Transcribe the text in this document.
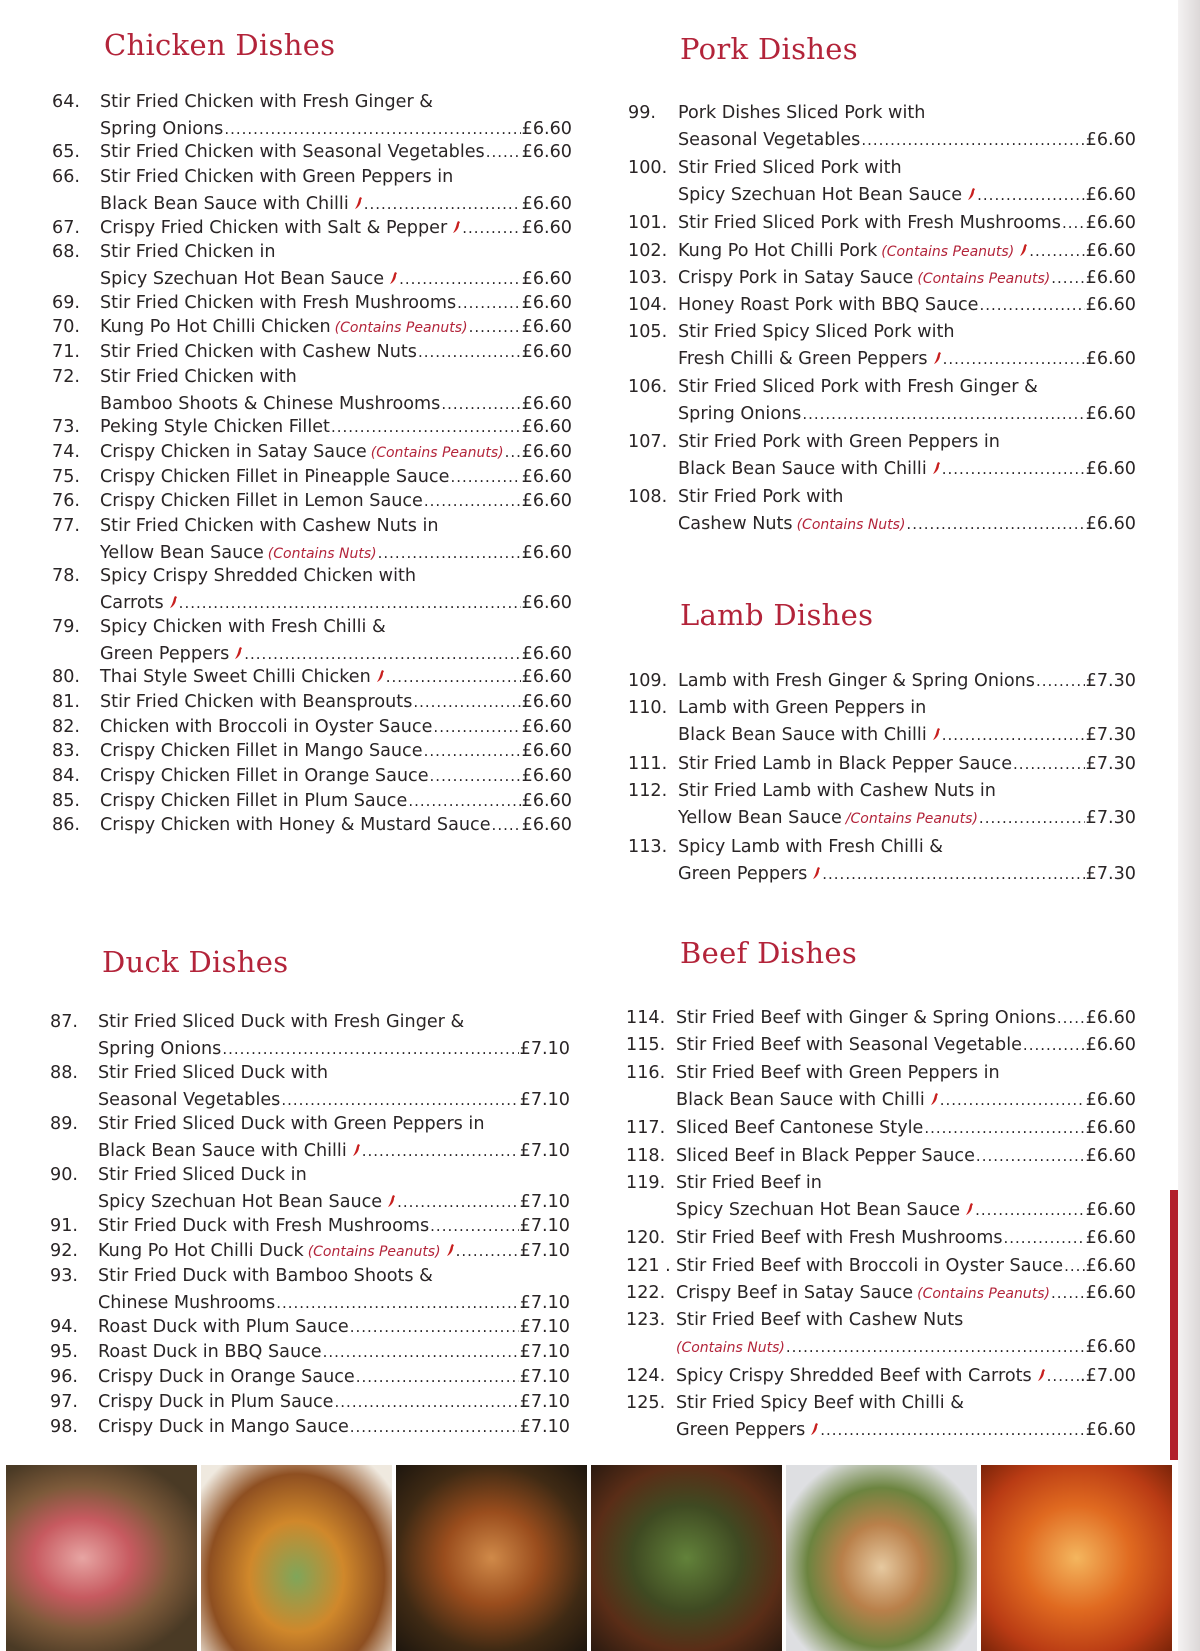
Chicken Dishes
64. Stir Fried Chicken with Fresh Ginger &
Spring Onions .....	£6.60
65. Stir Fried Chicken with Seasonal Vegetables ..... £6.60
66. Stir Fried Chicken with Green Peppers in
Black Bean Sauce with Chilli .....	£6.60
67. Crispy Fried Chicken with Salt & Pepper .....	£6.60
68. Stir Fried Chicken in
Spicy Szechuan Hot Bean Sauce .....	£6.60
69. Stir Fried Chicken with Fresh Mushrooms .....	£6.60
70. Kung Po Hot Chilli Chicken (Contains Peanuts) .....	£6.60
71. Stir Fried Chicken with Cashew Nuts .....	£6.60
72. Stir Fried Chicken with
Bamboo Shoots & Chinese Mushrooms .....	£6.60
73. Peking Style Chicken Fillet .....	£6.60
74. Crispy Chicken in Satay Sauce (Contains Peanuts) ..... £6.60
75. Crispy Chicken Fillet in Pineapple Sauce .....	£6.60
76. Crispy Chicken Fillet in Lemon Sauce .....	£6.60
77. Stir Fried Chicken with Cashew Nuts in
Yellow Bean Sauce (Contains Nuts) .....	£6.60
78. Spicy Crispy Shredded Chicken with
Carrots .....	£6.60
79. Spicy Chicken with Fresh Chilli &
Green Peppers .....	£6.60
80. Thai Style Sweet Chilli Chicken .....	£6.60
81. Stir Fried Chicken with Beansprouts .....	£6.60
82. Chicken with Broccoli in Oyster Sauce .....	£6.60
83. Crispy Chicken Fillet in Mango Sauce .....	£6.60
84. Crispy Chicken Fillet in Orange Sauce .....	£6.60
85. Crispy Chicken Fillet in Plum Sauce .....	£6.60
86. Crispy Chicken with Honey & Mustard Sauce ..... £6.60
Duck Dishes
87. Stir Fried Sliced Duck with Fresh Ginger &
Spring Onions .....	£7.10
88. Stir Fried Sliced Duck with
Seasonal Vegetables .....	£7.10
89. Stir Fried Sliced Duck with Green Peppers in
Black Bean Sauce with Chilli .....	£7.10
90. Stir Fried Sliced Duck in
Spicy Szechuan Hot Bean Sauce .....	£7.10
91. Stir Fried Duck with Fresh Mushrooms .....	£7.10
92. Kung Po Hot Chilli Duck (Contains Peanuts) .....	£7.10
93. Stir Fried Duck with Bamboo Shoots &
Chinese Mushrooms .....	£7.10
94. Roast Duck with Plum Sauce .....	£7.10
95. Roast Duck in BBQ Sauce .....	£7.10
96. Crispy Duck in Orange Sauce .....	£7.10
97. Crispy Duck in Plum Sauce .....	£7.10
98. Crispy Duck in Mango Sauce .....	£7.10
Pork Dishes
99. Pork Dishes Sliced Pork with
Seasonal Vegetables .....	£6.60
100. Stir Fried Sliced Pork with
Spicy Szechuan Hot Bean Sauce .....	£6.60
101. Stir Fried Sliced Pork with Fresh Mushrooms ..... £6.60
102. Kung Po Hot Chilli Pork (Contains Peanuts) .....	£6.60
103. Crispy Pork in Satay Sauce (Contains Peanuts) ..... £6.60
104. Honey Roast Pork with BBQ Sauce .....	£6.60
105. Stir Fried Spicy Sliced Pork with
Fresh Chilli & Green Peppers .....	£6.60
106. Stir Fried Sliced Pork with Fresh Ginger &
Spring Onions .....	£6.60
107. Stir Fried Pork with Green Peppers in
Black Bean Sauce with Chilli .....	£6.60
108. Stir Fried Pork with
Cashew Nuts (Contains Nuts) .....	£6.60
Lamb Dishes
109. Lamb with Fresh Ginger & Spring Onions .....	£7.30
110. Lamb with Green Peppers in
Black Bean Sauce with Chilli .....	£7.30
111. Stir Fried Lamb in Black Pepper Sauce .....	£7.30
112. Stir Fried Lamb with Cashew Nuts in
Yellow Bean Sauce /Contains Peanuts) .....	£7.30
113. Spicy Lamb with Fresh Chilli &
Green Peppers .....	£7.30
Beef Dishes
114. Stir Fried Beef with Ginger & Spring Onions ..... £6.60
115. Stir Fried Beef with Seasonal Vegetable .....	£6.60
116. Stir Fried Beef with Green Peppers in
Black Bean Sauce with Chilli .....	£6.60
117. Sliced Beef Cantonese Style .....	£6.60
118. Sliced Beef in Black Pepper Sauce .....	£6.60
119. Stir Fried Beef in
Spicy Szechuan Hot Bean Sauce .....	£6.60
120. Stir Fried Beef with Fresh Mushrooms .....	£6.60
121 . Stir Fried Beef with Broccoli in Oyster Sauce ..... £6.60
122. Crispy Beef in Satay Sauce (Contains Peanuts) ..... £6.60
123. Stir Fried Beef with Cashew Nuts
(Contains Nuts) .....	£6.60
124. Spicy Crispy Shredded Beef with Carrots .....	.£7.00
125. Stir Fried Spicy Beef with Chilli &
Green Peppers .....	£6.60
